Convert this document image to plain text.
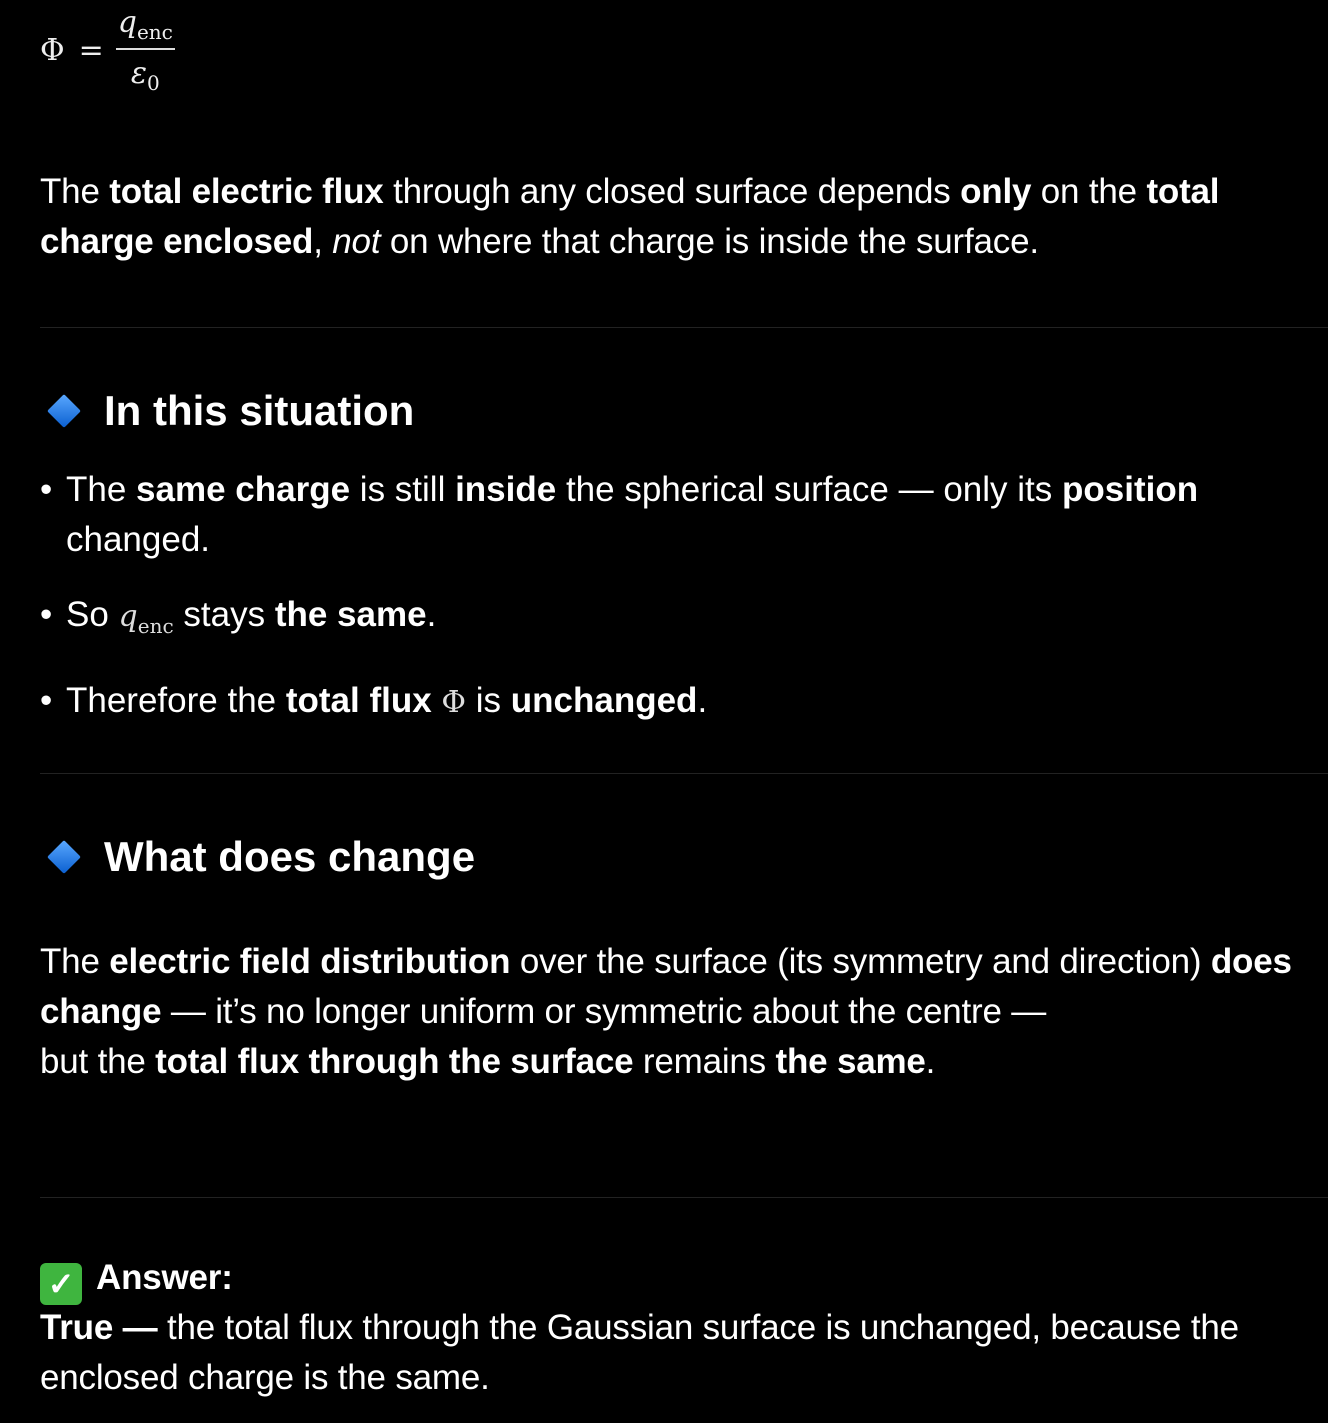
$\Phi = \frac{q_{enc}}{\varepsilon_0}$
The total electric flux through any closed surface depends only on the total charge enclosed, not on where that charge is inside the surface.
In this situation
• The same charge is still inside the spherical surface — only its position changed.
• So $q_{enc}$ stays the same.
• Therefore the total flux Φ is unchanged.
What does change
The electric field distribution over the surface (its symmetry and direction) does change — it’s no longer uniform or symmetric about the centre —
but the total flux through the surface remains the same.
✓ Answer:
True — the total flux through the Gaussian surface is unchanged, because the enclosed charge is the same.
